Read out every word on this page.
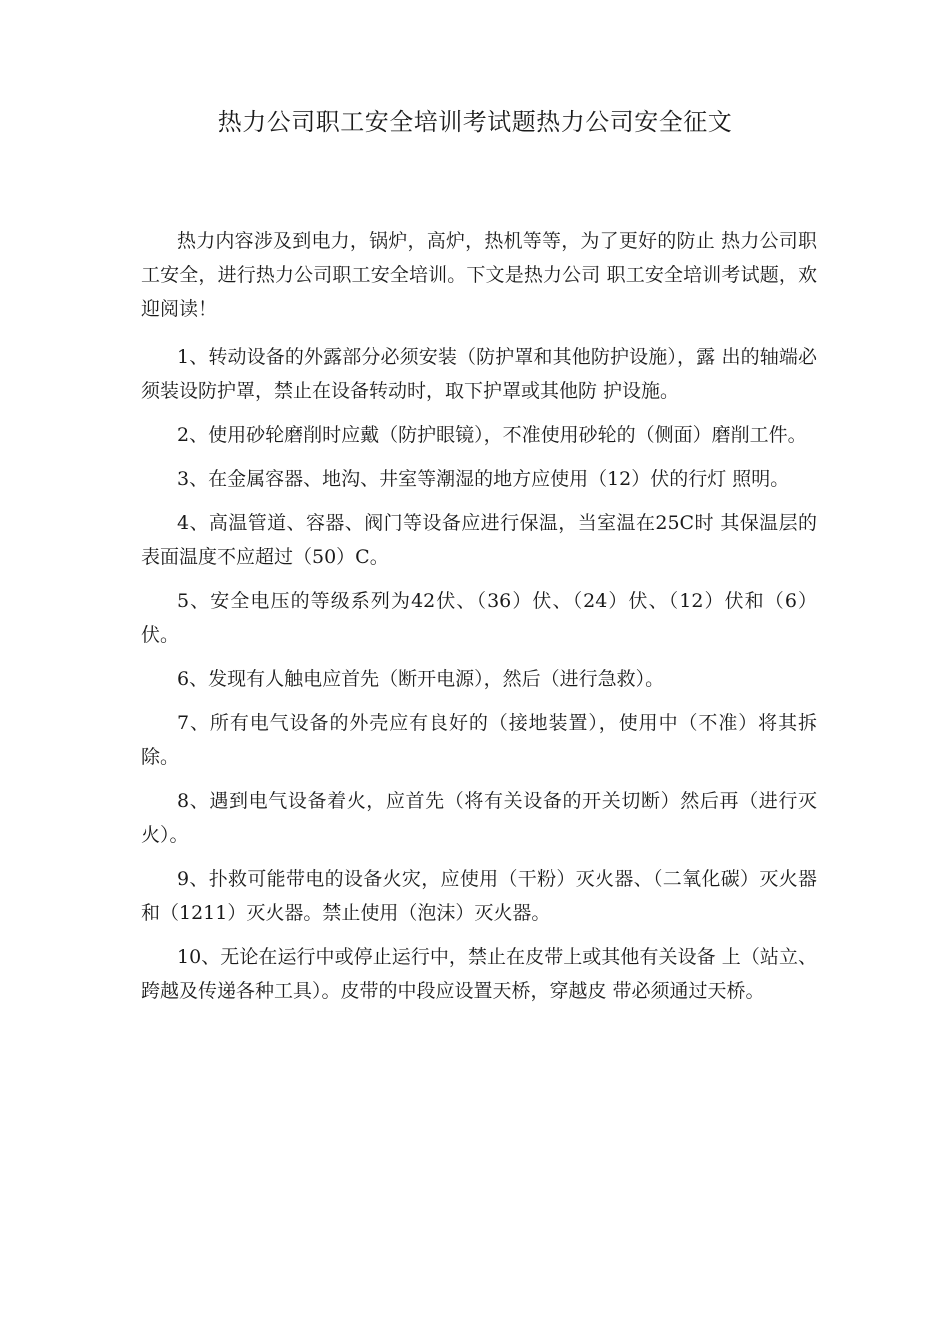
热力公司职工安全培训考试题热力公司安全征文

热力内容涉及到电力，锅炉，高炉，热机等等，为了更好的防止 热力公司职工安全，进行热力公司职工安全培训。下文是热力公司 职工安全培训考试题，欢迎阅读！

1、转动设备的外露部分必须安装（防护罩和其他防护设施），露 出的轴端必须装设防护罩，禁止在设备转动时，取下护罩或其他防 护设施。

2、使用砂轮磨削时应戴（防护眼镜），不准使用砂轮的（侧面）磨削工件。

3、在金属容器、地沟、井室等潮湿的地方应使用（12）伏的行灯 照明。

4、高温管道、容器、阀门等设备应进行保温，当室温在25C时 其保温层的表面温度不应超过（50）C。

5、安全电压的等级系列为42伏、（36）伏、（24）伏、（12）伏和（6） 伏。

6、发现有人触电应首先（断开电源），然后（进行急救）。

7、所有电气设备的外壳应有良好的（接地装置），使用中（不准）将其拆除。

8、遇到电气设备着火，应首先（将有关设备的开关切断）然后再（进行灭火）。

9、扑救可能带电的设备火灾，应使用（干粉）灭火器、（二氧化碳）灭火器和（1211）灭火器。禁止使用（泡沫）灭火器。

10、无论在运行中或停止运行中，禁止在皮带上或其他有关设备 上（站立、跨越及传递各种工具）。皮带的中段应设置天桥，穿越皮 带必须通过天桥。
